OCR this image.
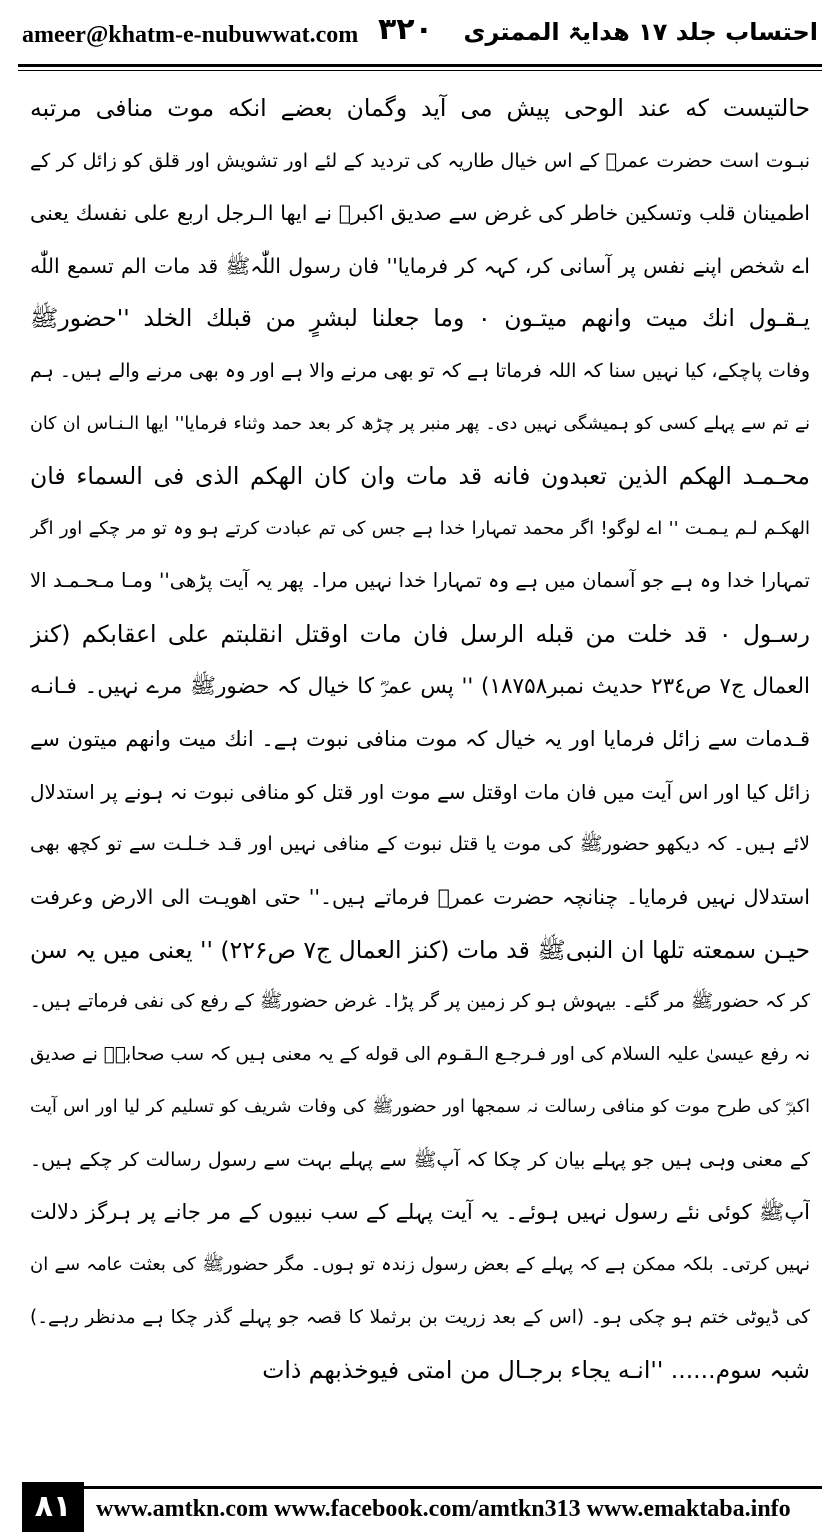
ameer@khatm-e-nubuwwat.com ۳۲۰ احتساب جلد ۱۷ ھدایۃ الممتری
حالتیست که عند الوحی پیش می آید وگمان بعضے انکه موت منافی مرتبه
نبـوت است حضرت عمرؓ کے اس خیال طاریہ کی تردید کے لئے اور تشویش اور قلق کو زائل کر کے
اطمینان قلب وتسکین خاطر کی غرض سے صدیق اکبرؓ نے ایها الـرجل اربع علی نفسك یعنی
اے شخص اپنے نفس پر آسانی کر، کہہ کر فرمایا'' فان رسول اللّٰہﷺ قد مات الم تسمع اللّٰه
یـقـول انك میت وانهم میتـون ۰ وما جعلنا لبشرٍ من قبلك الخلد ''حضورﷺ
وفات پاچکے، کیا نہیں سنا کہ اللہ فرماتا ہے کہ تو بھی مرنے والا ہے اور وہ بھی مرنے والے ہیں۔ ہم
نے تم سے پہلے کسی کو ہمیشگی نہیں دی۔ پھر منبر پر چڑھ کر بعد حمد وثناء فرمایا'' ایها الـنـاس ان کان
محـمـد الهکم الذین تعبدون فانه قد مات وان کان الهکم الذی فی السماء فان
الهکـم لـم یـمـت '' اے لوگو! اگر محمد تمہارا خدا ہے جس کی تم عبادت کرتے ہو وہ تو مر چکے اور اگر
تمہارا خدا وہ ہے جو آسمان میں ہے وہ تمہارا خدا نہیں مرا۔ پھر یہ آیت پڑھی'' ومـا مـحـمـد الا
رسـول ۰ قد خلت من قبله الرسل فان مات اوقتل انقلبتم علی اعقابکم (کنز
العمال ج۷ ص۲۳٤ حدیث نمبر۱۸۷۵۸) '' پس عمرؓ کا خیال کہ حضورﷺ مرے نہیں۔ فـانـه
قـدمات سے زائل فرمایا اور یہ خیال کہ موت منافی نبوت ہے۔ انك میت وانهم میتون سے
زائل کیا اور اس آیت میں فان مات اوقتل سے موت اور قتل کو منافی نبوت نہ ہونے پر استدلال
لائے ہیں۔ کہ دیکھو حضورﷺ کی موت یا قتل نبوت کے منافی نہیں اور قـد خـلـت سے تو کچھ بھی
استدلال نہیں فرمایا۔ چنانچہ حضرت عمرؓ فرماتے ہیں۔'' حتی اهویـت الی الارض وعرفت
حیـن سمعته تلها ان النبیﷺ قد مات (کنز العمال ج۷ ص۲۲۶) '' یعنی میں یہ سن
کر کہ حضورﷺ مر گئے۔ بیہوش ہو کر زمین پر گر پڑا۔ غرض حضورﷺ کے رفع کی نفی فرماتے ہیں۔
نہ رفع عیسیٰ علیہ السلام کی اور فـرجـع الـقـوم الی قوله کے یہ معنی ہیں کہ سب صحابہؓ نے صدیق
اکبرؓ کی طرح موت کو منافی رسالت نہ سمجھا اور حضورﷺ کی وفات شریف کو تسلیم کر لیا اور اس آیت
کے معنی وہی ہیں جو پہلے بیان کر چکا کہ آپﷺ سے پہلے بہت سے رسول رسالت کر چکے ہیں۔
آپﷺ کوئی نئے رسول نہیں ہوئے۔ یہ آیت پہلے کے سب نبیوں کے مر جانے پر ہرگز دلالت
نہیں کرتی۔ بلکہ ممکن ہے کہ پہلے کے بعض رسول زندہ تو ہوں۔ مگر حضورﷺ کی بعثت عامہ سے ان
کی ڈیوٹی ختم ہو چکی ہو۔ (اس کے بعد زریت بن برثملا کا قصہ جو پہلے گذر چکا ہے مدنظر رہے۔)
شبہ سوم...... ''انـه یجاء برجـال من امتی فیوخذبهم ذات
۸۱	www.amtkn.com www.facebook.com/amtkn313 www.emaktaba.info
